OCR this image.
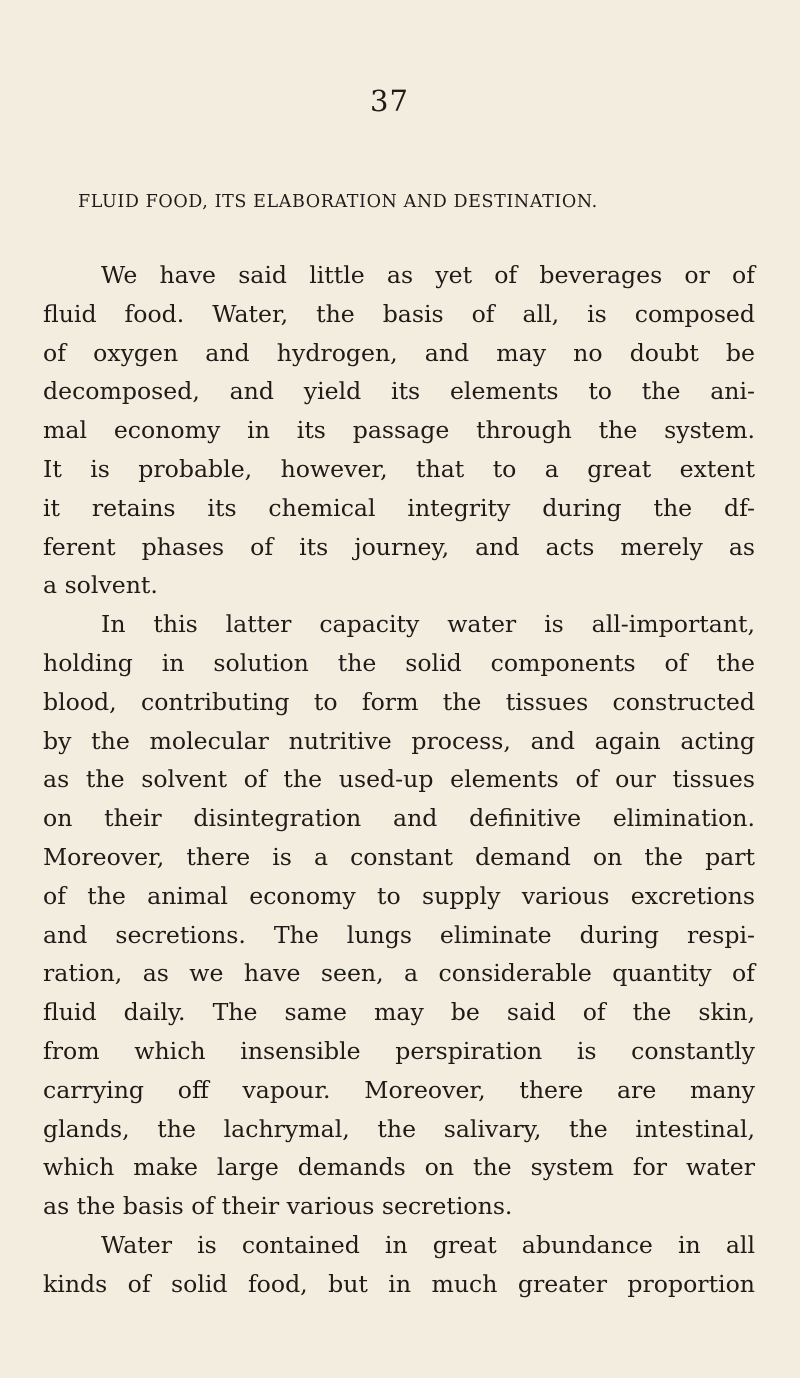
37
FLUID FOOD, ITS ELABORATION AND DESTINATION.
We have said little as yet of beverages or of
fluid food. Water, the basis of all, is composed
of oxygen and hydrogen, and may no doubt be
decomposed, and yield its elements to the ani-
mal economy in its passage through the system.
It is probable, however, that to a great extent
it retains its chemical integrity during the df-
ferent phases of its journey, and acts merely as
a solvent.
In this latter capacity water is all-important,
holding in solution the solid components of the
blood, contributing to form the tissues constructed
by the molecular nutritive process, and again acting
as the solvent of the used-up elements of our tissues
on their disintegration and definitive elimination.
Moreover, there is a constant demand on the part
of the animal economy to supply various excretions
and secretions. The lungs eliminate during respi-
ration, as we have seen, a considerable quantity of
fluid daily. The same may be said of the skin,
from which insensible perspiration is constantly
carrying off vapour. Moreover, there are many
glands, the lachrymal, the salivary, the intestinal,
which make large demands on the system for water
as the basis of their various secretions.
Water is contained in great abundance in all
kinds of solid food, but in much greater proportion
